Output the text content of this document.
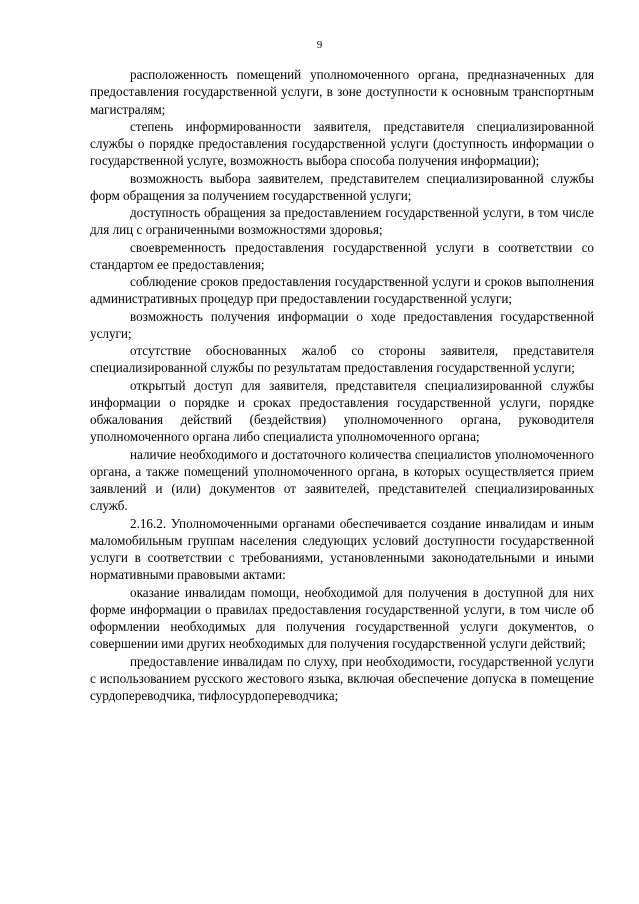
9

расположенность помещений уполномоченного органа, предназначенных для предоставления государственной услуги, в зоне доступности к основным транспортным магистралям;

степень информированности заявителя, представителя специализированной службы о порядке предоставления государственной услуги (доступность информации о государственной услуге, возможность выбора способа получения информации);

возможность выбора заявителем, представителем специализированной службы форм обращения за получением государственной услуги;

доступность обращения за предоставлением государственной услуги, в том числе для лиц с ограниченными возможностями здоровья;

своевременность предоставления государственной услуги в соответствии со стандартом ее предоставления;

соблюдение сроков предоставления государственной услуги и сроков выполнения административных процедур при предоставлении государственной услуги;

возможность получения информации о ходе предоставления государственной услуги;

отсутствие обоснованных жалоб со стороны заявителя, представителя специализированной службы по результатам предоставления государственной услуги;

открытый доступ для заявителя, представителя специализированной службы информации о порядке и сроках предоставления государственной услуги, порядке обжалования действий (бездействия) уполномоченного органа, руководителя уполномоченного органа либо специалиста уполномоченного органа;

наличие необходимого и достаточного количества специалистов уполномоченного органа, а также помещений уполномоченного органа, в которых осуществляется прием заявлений и (или) документов от заявителей, представителей специализированных служб.

2.16.2. Уполномоченными органами обеспечивается создание инвалидам и иным маломобильным группам населения следующих условий доступности государственной услуги в соответствии с требованиями, установленными законодательными и иными нормативными правовыми актами:

оказание инвалидам помощи, необходимой для получения в доступной для них форме информации о правилах предоставления государственной услуги, в том числе об оформлении необходимых для получения государственной услуги документов, о совершении ими других необходимых для получения государственной услуги действий;

предоставление инвалидам по слуху, при необходимости, государственной услуги с использованием русского жестового языка, включая обеспечение допуска в помещение сурдопереводчика, тифлосурдопереводчика;
